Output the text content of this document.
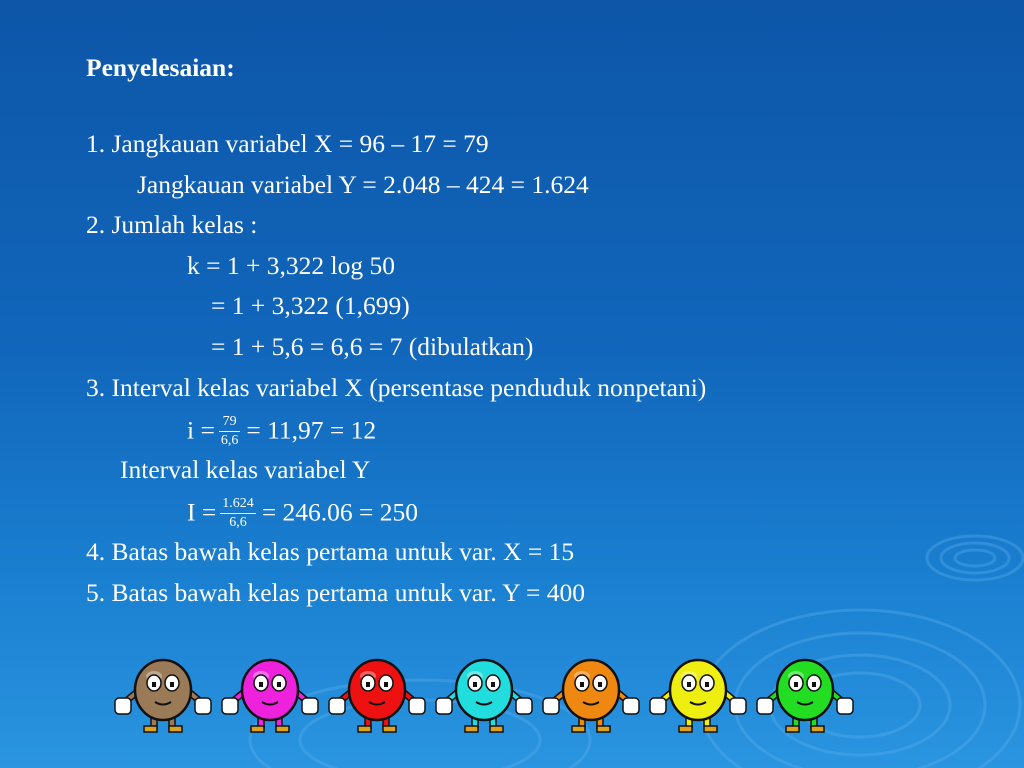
Penyelesaian:
1. Jangkauan variabel X = 96 – 17 = 79
Jangkauan variabel Y = 2.048 – 424 = 1.624
2. Jumlah kelas :
k = 1 + 3,322 log 50
= 1 + 3,322 (1,699)
= 1 + 5,6 = 6,6 = 7 (dibulatkan)
3. Interval kelas variabel X (persentase penduduk nonpetani)
$i = \frac{79}{6,6} = 11,97 = 12$
Interval kelas variabel Y
$I = \frac{1.624}{6,6} = 246.06 = 250$
4. Batas bawah kelas pertama untuk var. X = 15
5. Batas bawah kelas pertama untuk var. Y = 400
